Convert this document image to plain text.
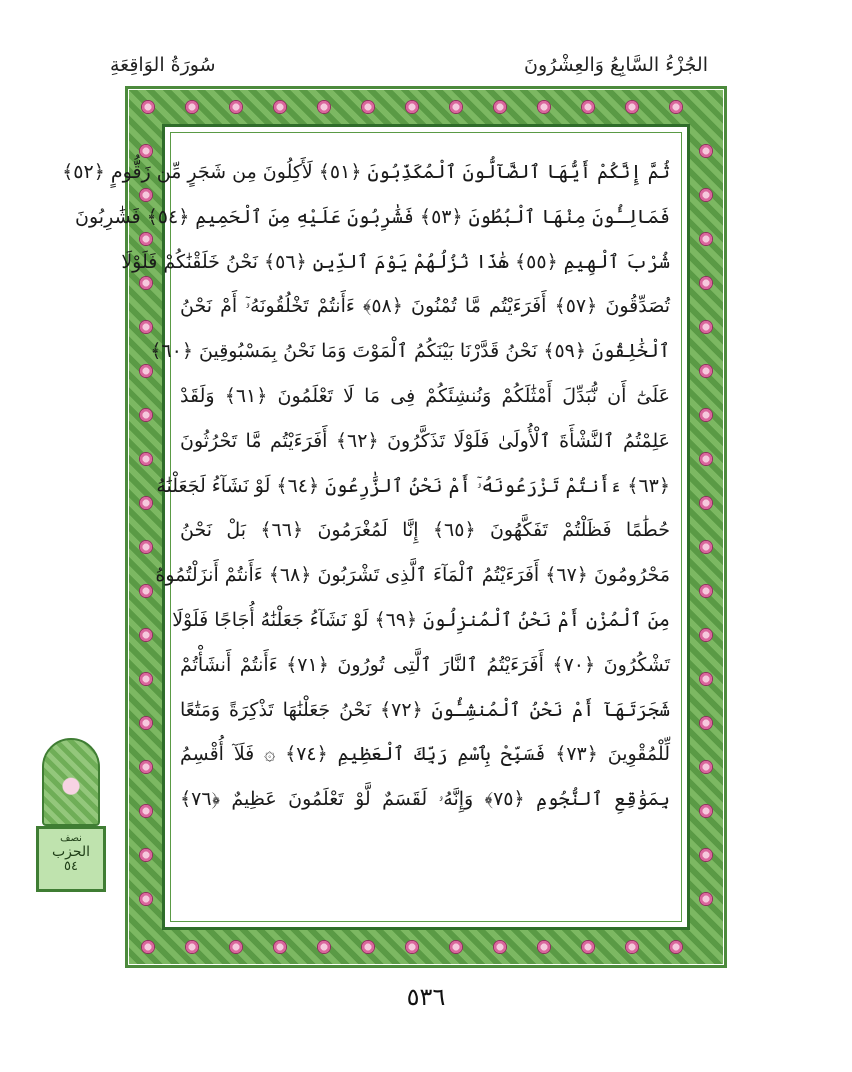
الجُزْءُ السَّابِعُ وَالعِشْرُونَ
سُورَةُ الوَاقِعَةِ
ثُمَّ إِنَّكُمْ أَيُّهَا ٱلضَّآلُّونَ ٱلْمُكَذِّبُونَ ﴿٥١﴾ لَأَكِلُونَ مِن شَجَرٍ مِّن زَقُّومٍ ﴿٥٢﴾
فَمَالِـُٔونَ مِنْهَا ٱلْبُطُونَ ﴿٥٣﴾ فَشَٰرِبُونَ عَلَيْهِ مِنَ ٱلْحَمِيمِ ﴿٥٤﴾ فَشَٰرِبُونَ
شُرْبَ ٱلْهِيمِ ﴿٥٥﴾ هَٰذَا نُزُلُهُمْ يَوْمَ ٱلدِّينِ ﴿٥٦﴾ نَحْنُ خَلَقْنَٰكُمْ فَلَوْلَا
تُصَدِّقُونَ ﴿٥٧﴾ أَفَرَءَيْتُم مَّا تُمْنُونَ ﴿٥٨﴾ ءَأَنتُمْ تَخْلُقُونَهُۥٓ أَمْ نَحْنُ
ٱلْخَٰلِقُونَ ﴿٥٩﴾ نَحْنُ قَدَّرْنَا بَيْنَكُمُ ٱلْمَوْتَ وَمَا نَحْنُ بِمَسْبُوقِينَ ﴿٦٠﴾
عَلَىٰٓ أَن نُّبَدِّلَ أَمْثَٰلَكُمْ وَنُنشِئَكُمْ فِى مَا لَا تَعْلَمُونَ ﴿٦١﴾ وَلَقَدْ
عَلِمْتُمُ ٱلنَّشْأَةَ ٱلْأُولَىٰ فَلَوْلَا تَذَكَّرُونَ ﴿٦٢﴾ أَفَرَءَيْتُم مَّا تَحْرُثُونَ
﴿٦٣﴾ ءَأَنتُمْ تَزْرَعُونَهُۥٓ أَمْ نَحْنُ ٱلزَّٰرِعُونَ ﴿٦٤﴾ لَوْ نَشَآءُ لَجَعَلْنَٰهُ
حُطَٰمًا فَظَلْتُمْ تَفَكَّهُونَ ﴿٦٥﴾ إِنَّا لَمُغْرَمُونَ ﴿٦٦﴾ بَلْ نَحْنُ
مَحْرُومُونَ ﴿٦٧﴾ أَفَرَءَيْتُمُ ٱلْمَآءَ ٱلَّذِى تَشْرَبُونَ ﴿٦٨﴾ ءَأَنتُمْ أَنزَلْتُمُوهُ
مِنَ ٱلْمُزْنِ أَمْ نَحْنُ ٱلْمُنزِلُونَ ﴿٦٩﴾ لَوْ نَشَآءُ جَعَلْنَٰهُ أُجَاجًا فَلَوْلَا
تَشْكُرُونَ ﴿٧٠﴾ أَفَرَءَيْتُمُ ٱلنَّارَ ٱلَّتِى تُورُونَ ﴿٧١﴾ ءَأَنتُمْ أَنشَأْتُمْ
شَجَرَتَهَآ أَمْ نَحْنُ ٱلْمُنشِـُٔونَ ﴿٧٢﴾ نَحْنُ جَعَلْنَٰهَا تَذْكِرَةً وَمَتَٰعًا
لِّلْمُقْوِينَ ﴿٧٣﴾ فَسَبِّحْ بِٱسْمِ رَبِّكَ ٱلْعَظِيمِ ﴿٧٤﴾ ۞ فَلَآ أُقْسِمُ
بِمَوَٰقِعِ ٱلنُّجُومِ ﴿٧٥﴾ وَإِنَّهُۥ لَقَسَمٌ لَّوْ تَعْلَمُونَ عَظِيمٌ ﴿٧٦﴾
نصف
الحزب
٥٤
٥٣٦
